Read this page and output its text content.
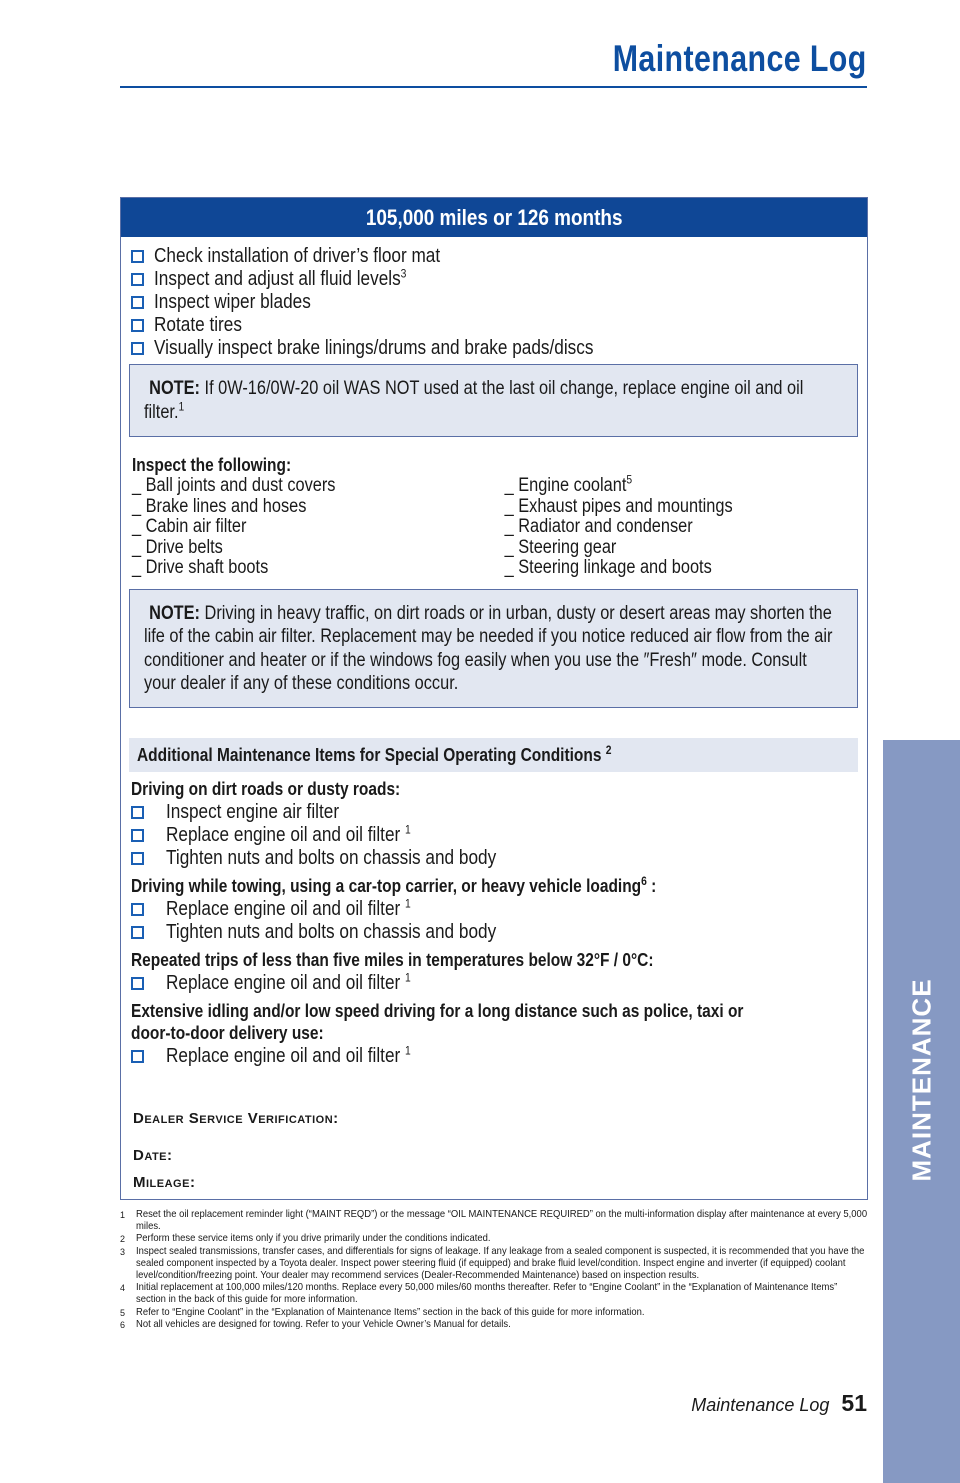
Maintenance Log
MAINTENANCE
105,000 miles or 126 months
Check installation of driver’s floor mat
Inspect and adjust all fluid levels$^3$
Inspect wiper blades
Rotate tires
Visually inspect brake linings/drums and brake pads/discs
NOTE: If 0W-16/0W-20 oil WAS NOT used at the last oil change, replace engine oil and oil filter.$^1$
Inspect the following:
_ Ball joints and dust covers
_ Brake lines and hoses
_ Cabin air filter
_ Drive belts
_ Drive shaft boots
_ Engine coolant$^5$
_ Exhaust pipes and mountings
_ Radiator and condenser
_ Steering gear
_ Steering linkage and boots
NOTE: Driving in heavy traffic, on dirt roads or in urban, dusty or desert areas may shorten the life of the cabin air filter. Replacement may be needed if you notice reduced air flow from the air conditioner and heater or if the windows fog easily when you use the ″Fresh″ mode. Consult your dealer if any of these conditions occur.
Additional Maintenance Items for Special Operating Conditions $^2$
Driving on dirt roads or dusty roads:
Inspect engine air filter
Replace engine oil and oil filter $^1$
Tighten nuts and bolts on chassis and body
Driving while towing, using a car-top carrier, or heavy vehicle loading$^6$ :
Replace engine oil and oil filter $^1$
Tighten nuts and bolts on chassis and body
Repeated trips of less than five miles in temperatures below 32°F / 0°C:
Replace engine oil and oil filter $^1$
Extensive idling and/or low speed driving for a long distance such as police, taxi or door-to-door delivery use:
Replace engine oil and oil filter $^1$
Dealer Service Verification:
Date:
Mileage:
1 Reset the oil replacement reminder light (“MAINT REQD”) or the message “OIL MAINTENANCE REQUIRED” on the multi-information display after maintenance at every 5,000 miles.
2 Perform these service items only if you drive primarily under the conditions indicated.
3 Inspect sealed transmissions, transfer cases, and differentials for signs of leakage. If any leakage from a sealed component is suspected, it is recommended that you have the sealed component inspected by a Toyota dealer. Inspect power steering fluid (if equipped) and brake fluid level/condition. Inspect engine and inverter (if equipped) coolant level/condition/freezing point. Your dealer may recommend services (Dealer-Recommended Maintenance) based on inspection results.
4 Initial replacement at 100,000 miles/120 months. Replace every 50,000 miles/60 months thereafter. Refer to “Engine Coolant” in the “Explanation of Maintenance Items” section in the back of this guide for more information.
5 Refer to “Engine Coolant” in the “Explanation of Maintenance Items” section in the back of this guide for more information.
6 Not all vehicles are designed for towing. Refer to your Vehicle Owner’s Manual for details.
Maintenance Log 51
